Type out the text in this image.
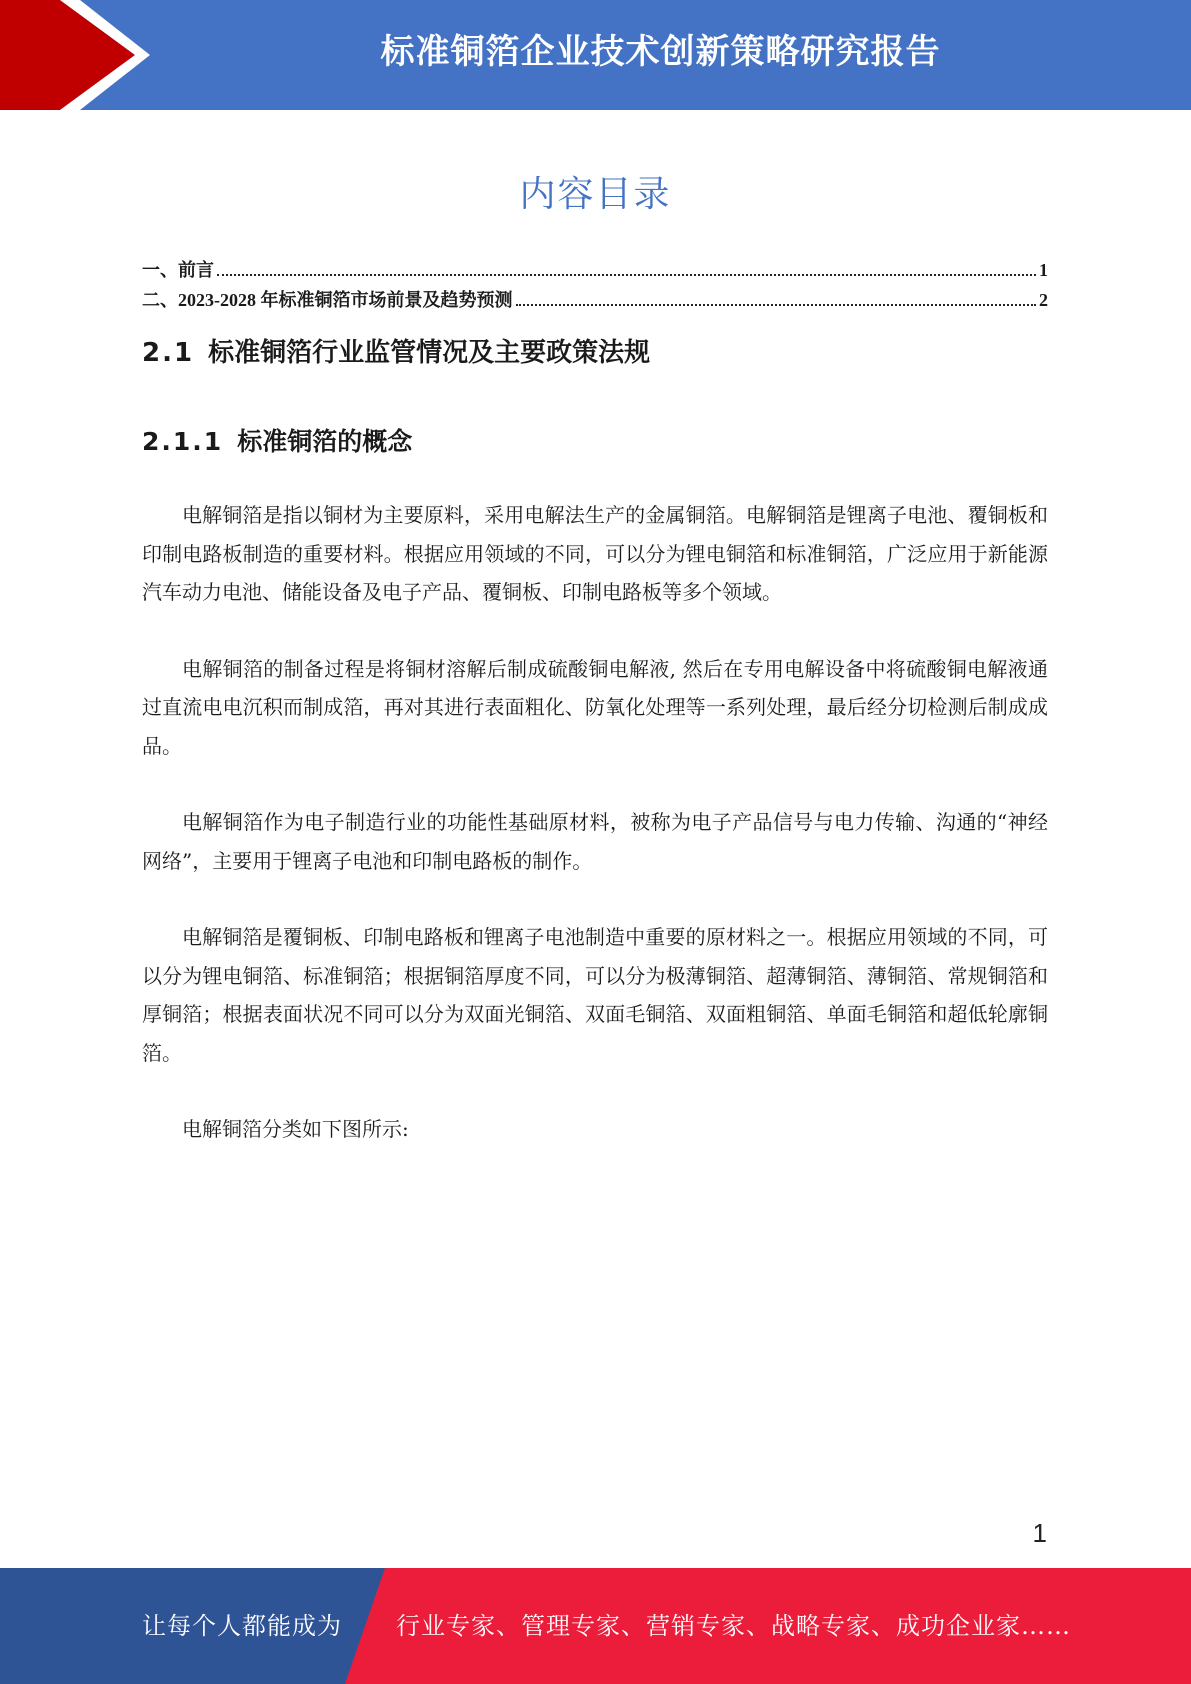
标准铜箔企业技术创新策略研究报告
内容目录
一、前言	1
二、2023-2028 年标准铜箔市场前景及趋势预测	2
2.1 标准铜箔行业监管情况及主要政策法规
2.1.1 标准铜箔的概念

电解铜箔是指以铜材为主要原料，采用电解法生产的金属铜箔。电解铜箔是锂离子电池、覆铜板和印制电路板制造的重要材料。根据应用领域的不同，可以分为锂电铜箔和标准铜箔，广泛应用于新能源汽车动力电池、储能设备及电子产品、覆铜板、印制电路板等多个领域。

电解铜箔的制备过程是将铜材溶解后制成硫酸铜电解液, 然后在专用电解设备中将硫酸铜电解液通过直流电电沉积而制成箔，再对其进行表面粗化、防氧化处理等一系列处理，最后经分切检测后制成成品。

电解铜箔作为电子制造行业的功能性基础原材料，被称为电子产品信号与电力传输、沟通的“神经网络”，主要用于锂离子电池和印制电路板的制作。

电解铜箔是覆铜板、印制电路板和锂离子电池制造中重要的原材料之一。根据应用领域的不同，可以分为锂电铜箔、标准铜箔；根据铜箔厚度不同，可以分为极薄铜箔、超薄铜箔、薄铜箔、常规铜箔和厚铜箔；根据表面状况不同可以分为双面光铜箔、双面毛铜箔、双面粗铜箔、单面毛铜箔和超低轮廓铜箔。

电解铜箔分类如下图所示:

1
让每个人都能成为 行业专家、管理专家、营销专家、战略专家、成功企业家……
